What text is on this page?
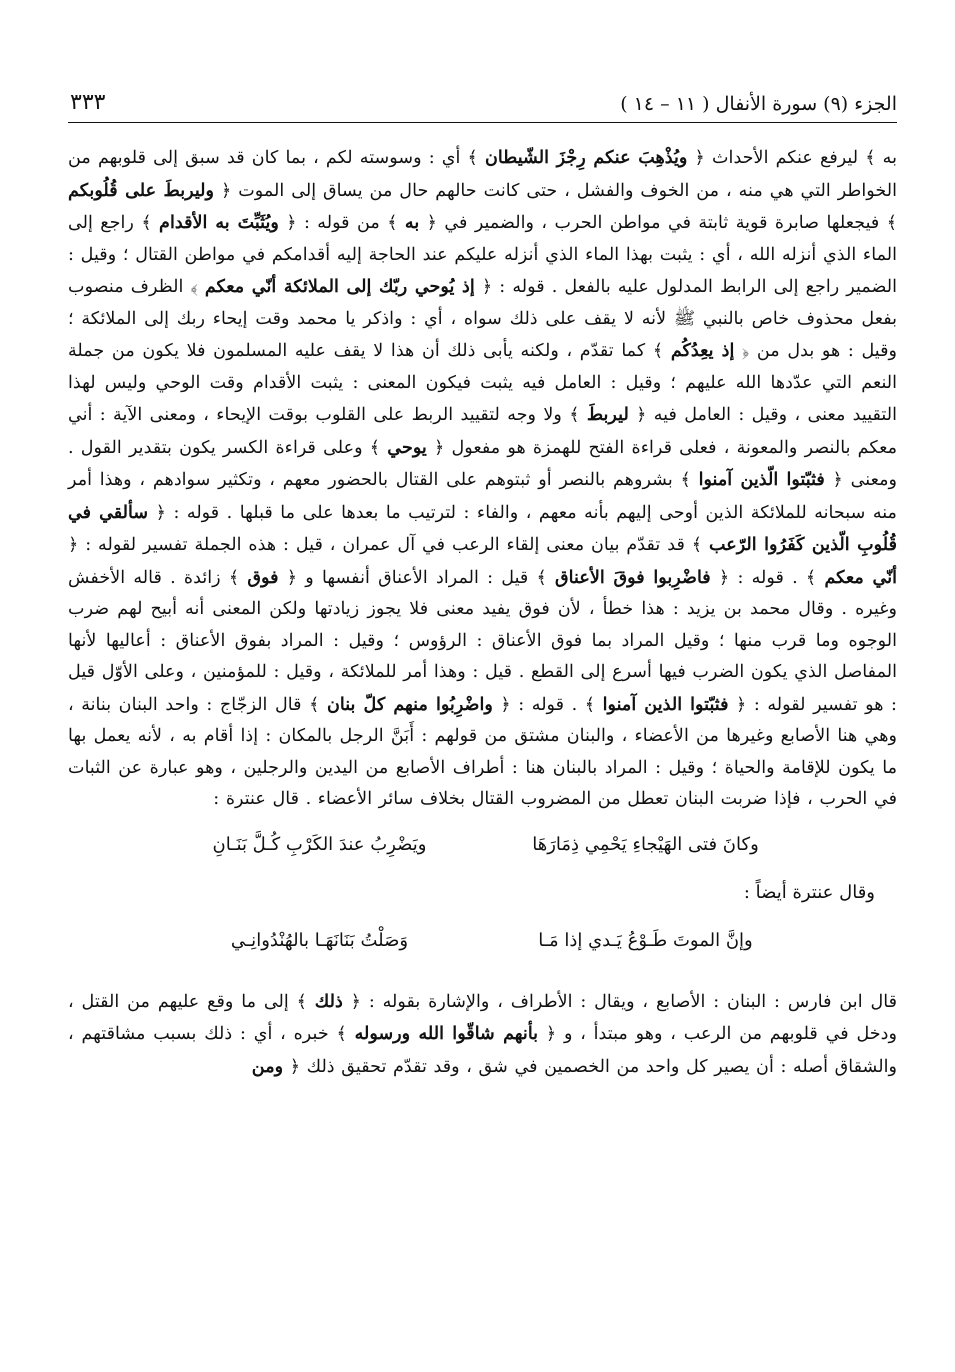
الجزء (٩) سورة الأنفال ( ١١ – ١٤ )
٣٣٣

به ﴾ ليرفع عنكم الأحداث ﴿ ويُذْهِبَ عنكم رِجْزَ الشّيطان ﴾ أي : وسوسته لكم ، بما كان قد سبق إلى قلوبهم من الخواطر التي هي منه ، من الخوف والفشل ، حتى كانت حالهم حال من يساق إلى الموت ﴿ وليربطَ على قُلُوبكم ﴾ فيجعلها صابرة قوية ثابتة في مواطن الحرب ، والضمير في ﴿ به ﴾ من قوله : ﴿ ويُثَبِّتَ به الأقدام ﴾ راجع إلى الماء الذي أنزله الله ، أي : يثبت بهذا الماء الذي أنزله عليكم عند الحاجة إليه أقدامكم في مواطن القتال ؛ وقيل : الضمير راجع إلى الرابط المدلول عليه بالفعل . قوله : ﴿ إذ يُوحي ربّك إلى الملائكة أنّي معكم ﴾ الظرف منصوب بفعل محذوف خاص بالنبي ﷺ لأنه لا يقف على ذلك سواه ، أي : واذكر يا محمد وقت إيحاء ربك إلى الملائكة ؛ وقيل : هو بدل من ﴿ إذ يعِدُكُم ﴾ كما تقدّم ، ولكنه يأبى ذلك أن هذا لا يقف عليه المسلمون فلا يكون من جملة النعم التي عدّدها الله عليهم ؛ وقيل : العامل فيه يثبت فيكون المعنى : يثبت الأقدام وقت الوحي وليس لهذا التقييد معنى ، وقيل : العامل فيه ﴿ ليربطَ ﴾ ولا وجه لتقييد الربط على القلوب بوقت الإيحاء ، ومعنى الآية : أني معكم بالنصر والمعونة ، فعلى قراءة الفتح للهمزة هو مفعول ﴿ يوحي ﴾ وعلى قراءة الكسر يكون بتقدير القول . ومعنى ﴿ فثبّتوا الّذين آمنوا ﴾ بشروهم بالنصر أو ثبتوهم على القتال بالحضور معهم ، وتكثير سوادهم ، وهذا أمر منه سبحانه للملائكة الذين أوحى إليهم بأنه معهم ، والفاء : لترتيب ما بعدها على ما قبلها . قوله : ﴿ سألقي في قُلُوبِ الّذين كَفَرُوا الرّعب ﴾ قد تقدّم بيان معنى إلقاء الرعب في آل عمران ، قيل : هذه الجملة تفسير لقوله : ﴿ أنّي معكم ﴾ . قوله : ﴿ فاضْرِبوا فوقَ الأعناق ﴾ قيل : المراد الأعناق أنفسها و ﴿ فوق ﴾ زائدة . قاله الأخفش وغيره . وقال محمد بن يزيد : هذا خطأ ، لأن فوق يفيد معنى فلا يجوز زيادتها ولكن المعنى أنه أبيح لهم ضرب الوجوه وما قرب منها ؛ وقيل المراد بما فوق الأعناق : الرؤوس ؛ وقيل : المراد بفوق الأعناق : أعاليها لأنها المفاصل الذي يكون الضرب فيها أسرع إلى القطع . قيل : وهذا أمر للملائكة ، وقيل : للمؤمنين ، وعلى الأوّل قيل : هو تفسير لقوله : ﴿ فثبّتوا الذين آمنوا ﴾ . قوله : ﴿ واضْرِبُوا منهم كلّ بنان ﴾ قال الزجّاج : واحد البنان بنانة ، وهي هنا الأصابع وغيرها من الأعضاء ، والبنان مشتق من قولهم : أَبَنَّ الرجل بالمكان : إذا أقام به ، لأنه يعمل بها ما يكون للإقامة والحياة ؛ وقيل : المراد بالبنان هنا : أطراف الأصابع من اليدين والرجلين ، وهو عبارة عن الثبات في الحرب ، فإذا ضربت البنان تعطل من المضروب القتال بخلاف سائر الأعضاء . قال عنترة :

وكانَ فتى الهَيْجاءِ يَحْمِي ذِمَارَهَا
ويَضْرِبُ عندَ الكَرْبِ كُـلَّ بَنَـانِ

وقال عنترة أيضاً :

وإنَّ الموتَ طَـوْعُ يَـدي إذا مَـا
وَصَلْتُ بَنَانَهَـا بالهُنْدُوانِـي

قال ابن فارس : البنان : الأصابع ، ويقال : الأطراف ، والإشارة بقوله : ﴿ ذلك ﴾ إلى ما وقع عليهم من القتل ، ودخل في قلوبهم من الرعب ، وهو مبتدأ ، و ﴿ بأنهم شاقّوا الله ورسوله ﴾ خبره ، أي : ذلك بسبب مشاقتهم ، والشقاق أصله : أن يصير كل واحد من الخصمين في شق ، وقد تقدّم تحقيق ذلك ﴿ ومن
